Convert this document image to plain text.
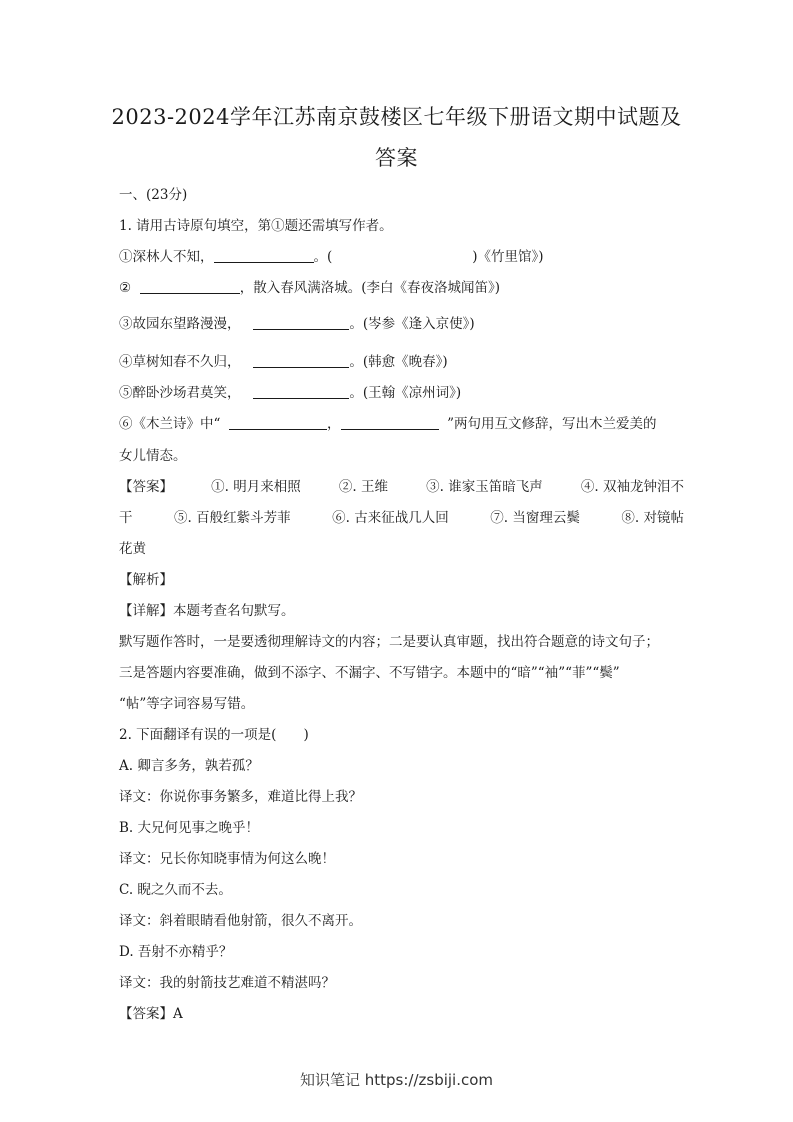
2023-2024学年江苏南京鼓楼区七年级下册语文期中试题及
答案
一、(23分)
1. 请用古诗原句填空，第①题还需填写作者。
①深林人不知，	。(	)《竹里馆》)
②	，散入春风满洛城。(李白《春夜洛城闻笛》)
③故园东望路漫漫，	。(岑参《逢入京使》)
④草树知春不久归，	。(韩愈《晚春》)
⑤醉卧沙场君莫笑，	。(王翰《凉州词》)
⑥《木兰诗》中“	，	”两句用互文修辞，写出木兰爱美的
女儿情态。
【答案】	①. 明月来相照	②. 王维	③. 谁家玉笛暗飞声	④. 双袖龙钟泪不
干	⑤. 百般红紫斗芳菲	⑥. 古来征战几人回	⑦. 当窗理云鬓	⑧. 对镜帖
花黄
【解析】
【详解】本题考查名句默写。
默写题作答时，一是要透彻理解诗文的内容；二是要认真审题，找出符合题意的诗文句子；
三是答题内容要准确，做到不添字、不漏字、不写错字。本题中的“暗”“袖”“菲”“鬓”
“帖”等字词容易写错。
2. 下面翻译有误的一项是(　　)
A. 卿言多务，孰若孤？
译文：你说你事务繁多，难道比得上我？
B. 大兄何见事之晚乎！
译文：兄长你知晓事情为何这么晚！
C. 睨之久而不去。
译文：斜着眼睛看他射箭，很久不离开。
D. 吾射不亦精乎？
译文：我的射箭技艺难道不精湛吗？
【答案】A
知识笔记 https://zsbiji.com
